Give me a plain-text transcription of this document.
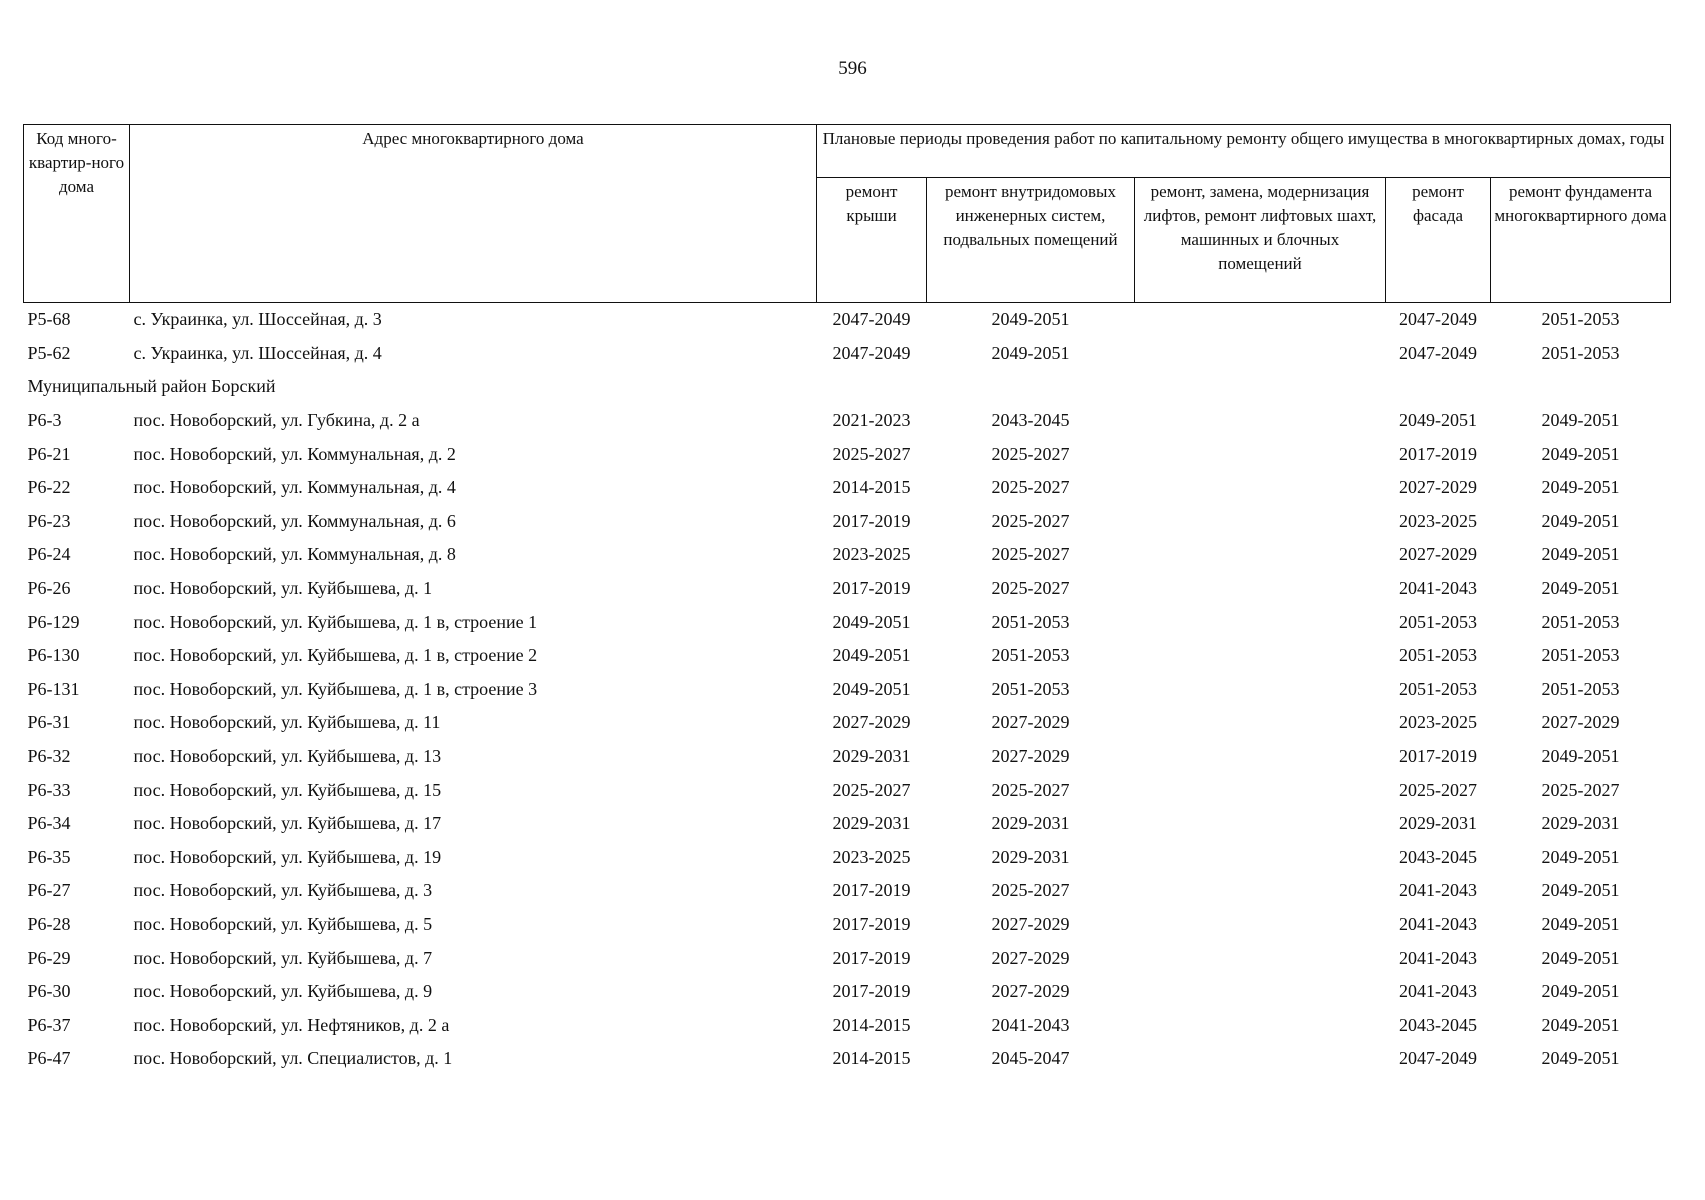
596
Код много-квартир-ного дома	Адрес многоквартирного дома	Плановые периоды проведения работ по капитальному ремонту общего имущества в многоквартирных домах, годы				
		ремонт крыши	ремонт внутридомовых инженерных систем, подвальных помещений	ремонт, замена, модернизация лифтов, ремонт лифтовых шахт, машинных и блочных помещений	ремонт фасада	ремонт фундамента многоквартирного дома
Р5-68	с. Украинка, ул. Шоссейная, д. 3	2047-2049	2049-2051		2047-2049	2051-2053
Р5-62	с. Украинка, ул. Шоссейная, д. 4	2047-2049	2049-2051		2047-2049	2051-2053
Муниципальный район Борский						
Р6-3	пос. Новоборский, ул. Губкина, д. 2 а	2021-2023	2043-2045		2049-2051	2049-2051
Р6-21	пос. Новоборский, ул. Коммунальная, д. 2	2025-2027	2025-2027		2017-2019	2049-2051
Р6-22	пос. Новоборский, ул. Коммунальная, д. 4	2014-2015	2025-2027		2027-2029	2049-2051
Р6-23	пос. Новоборский, ул. Коммунальная, д. 6	2017-2019	2025-2027		2023-2025	2049-2051
Р6-24	пос. Новоборский, ул. Коммунальная, д. 8	2023-2025	2025-2027		2027-2029	2049-2051
Р6-26	пос. Новоборский, ул. Куйбышева, д. 1	2017-2019	2025-2027		2041-2043	2049-2051
Р6-129	пос. Новоборский, ул. Куйбышева, д. 1 в, строение 1	2049-2051	2051-2053		2051-2053	2051-2053
Р6-130	пос. Новоборский, ул. Куйбышева, д. 1 в, строение 2	2049-2051	2051-2053		2051-2053	2051-2053
Р6-131	пос. Новоборский, ул. Куйбышева, д. 1 в, строение 3	2049-2051	2051-2053		2051-2053	2051-2053
Р6-31	пос. Новоборский, ул. Куйбышева, д. 11	2027-2029	2027-2029		2023-2025	2027-2029
Р6-32	пос. Новоборский, ул. Куйбышева, д. 13	2029-2031	2027-2029		2017-2019	2049-2051
Р6-33	пос. Новоборский, ул. Куйбышева, д. 15	2025-2027	2025-2027		2025-2027	2025-2027
Р6-34	пос. Новоборский, ул. Куйбышева, д. 17	2029-2031	2029-2031		2029-2031	2029-2031
Р6-35	пос. Новоборский, ул. Куйбышева, д. 19	2023-2025	2029-2031		2043-2045	2049-2051
Р6-27	пос. Новоборский, ул. Куйбышева, д. 3	2017-2019	2025-2027		2041-2043	2049-2051
Р6-28	пос. Новоборский, ул. Куйбышева, д. 5	2017-2019	2027-2029		2041-2043	2049-2051
Р6-29	пос. Новоборский, ул. Куйбышева, д. 7	2017-2019	2027-2029		2041-2043	2049-2051
Р6-30	пос. Новоборский, ул. Куйбышева, д. 9	2017-2019	2027-2029		2041-2043	2049-2051
Р6-37	пос. Новоборский, ул. Нефтяников, д. 2 а	2014-2015	2041-2043		2043-2045	2049-2051
Р6-47	пос. Новоборский, ул. Специалистов, д. 1	2014-2015	2045-2047		2047-2049	2049-2051
